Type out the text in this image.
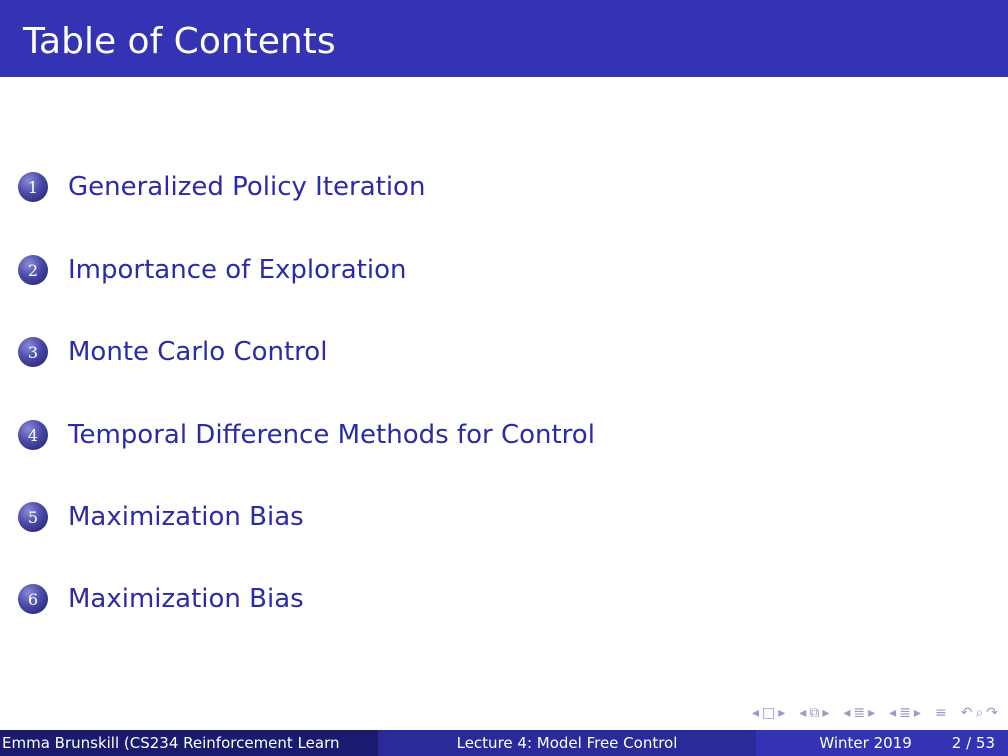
Table of Contents
1	Generalized Policy Iteration
2	Importance of Exploration
3	Monte Carlo Control
4	Temporal Difference Methods for Control
5	Maximization Bias
6	Maximization Bias
◂ □ ▸ ◂ ⧉ ▸ ◂ ≣ ▸ ◂ ≣ ▸ ≡ ↶ ⌕ ↷
Emma Brunskill (CS234 Reinforcement Learn	Lecture 4: Model Free Control	Winter 2019	2 / 53
